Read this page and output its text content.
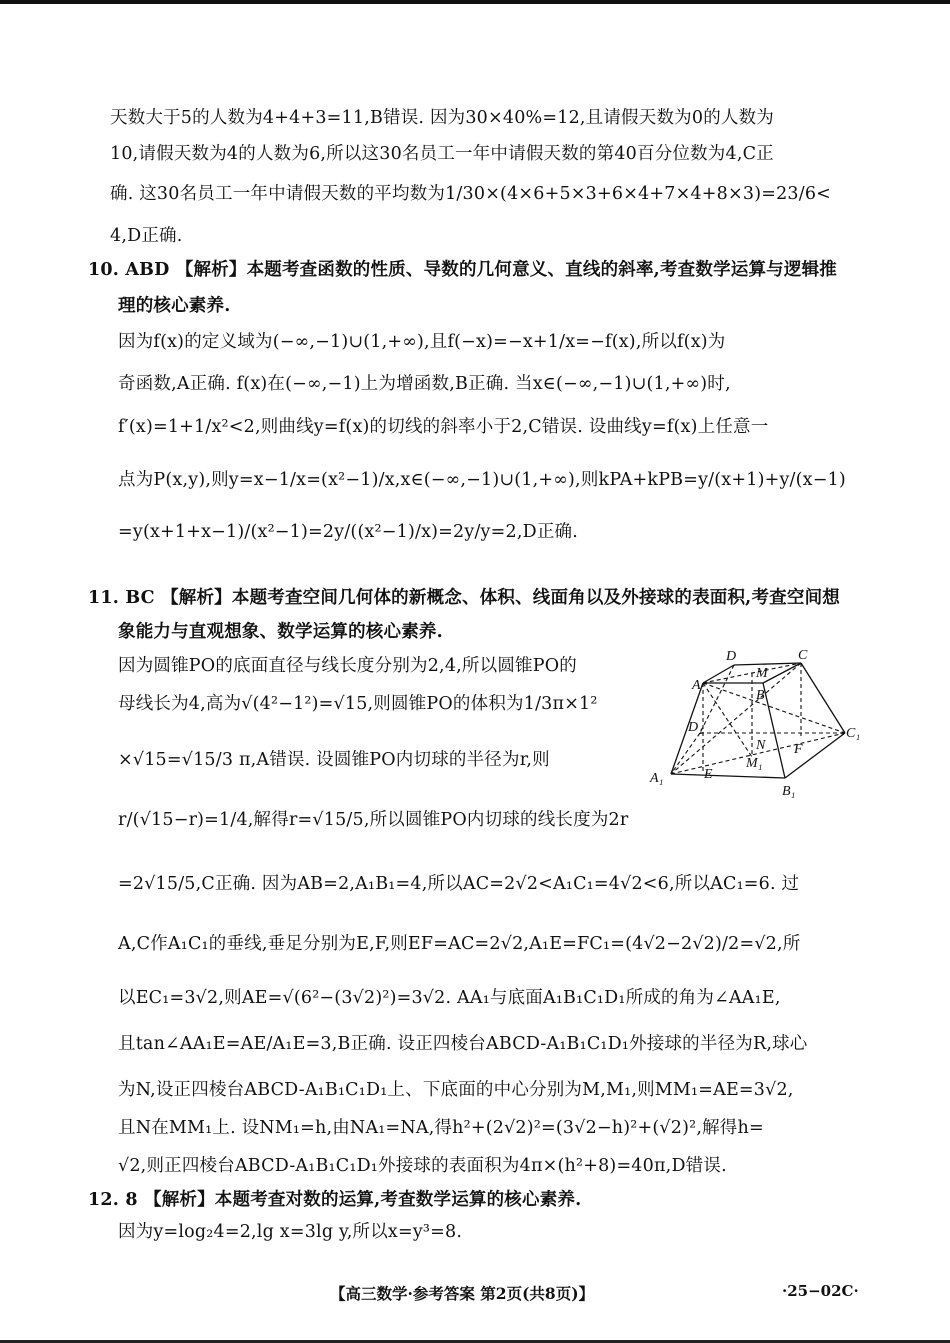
天数大于5的人数为4+4+3=11,B错误. 因为30×40%=12,且请假天数为0的人数为
10,请假天数为4的人数为6,所以这30名员工一年中请假天数的第40百分位数为4,C正
确. 这30名员工一年中请假天数的平均数为1/30×(4×6+5×3+6×4+7×4+8×3)=23/6<
4,D正确.
10. ABD 【解析】本题考查函数的性质、导数的几何意义、直线的斜率,考查数学运算与逻辑推
理的核心素养.
因为f(x)的定义域为(−∞,−1)∪(1,+∞),且f(−x)=−x+1/x=−f(x),所以f(x)为
奇函数,A正确. f(x)在(−∞,−1)上为增函数,B正确. 当x∈(−∞,−1)∪(1,+∞)时,
f′(x)=1+1/x²<2,则曲线y=f(x)的切线的斜率小于2,C错误. 设曲线y=f(x)上任意一
点为P(x,y),则y=x−1/x=(x²−1)/x,x∈(−∞,−1)∪(1,+∞),则kPA+kPB=y/(x+1)+y/(x−1)
=y(x+1+x−1)/(x²−1)=2y/((x²−1)/x)=2y/y=2,D正确.
11. BC 【解析】本题考查空间几何体的新概念、体积、线面角以及外接球的表面积,考查空间想
象能力与直观想象、数学运算的核心素养.
因为圆锥PO的底面直径与线长度分别为2,4,所以圆锥PO的
母线长为4,高为√(4²−1²)=√15,则圆锥PO的体积为1/3π×1²
×√15=√15/3 π,A错误. 设圆锥PO内切球的半径为r,则
r/(√15−r)=1/4,解得r=√15/5,所以圆锥PO内切球的线长度为2r
=2√15/5,C正确. 因为AB=2,A₁B₁=4,所以AC=2√2<A₁C₁=4√2<6,所以AC₁=6. 过
A,C作A₁C₁的垂线,垂足分别为E,F,则EF=AC=2√2,A₁E=FC₁=(4√2−2√2)/2=√2,所
以EC₁=3√2,则AE=√(6²−(3√2)²)=3√2. AA₁与底面A₁B₁C₁D₁所成的角为∠AA₁E,
且tan∠AA₁E=AE/A₁E=3,B正确. 设正四棱台ABCD-A₁B₁C₁D₁外接球的半径为R,球心
为N,设正四棱台ABCD-A₁B₁C₁D₁上、下底面的中心分别为M,M₁,则MM₁=AE=3√2,
且N在MM₁上. 设NM₁=h,由NA₁=NA,得h²+(2√2)²=(3√2−h)²+(√2)²,解得h=
√2,则正四棱台ABCD-A₁B₁C₁D₁外接球的表面积为4π×(h²+8)=40π,D错误.
12. 8 【解析】本题考查对数的运算,考查数学运算的核心素养.
因为y=log₂4=2,lg x=3lg y,所以x=y³=8.
D	C
A
M
B
D₁
N
C₁
F
E
M₁
A₁
B₁
【高三数学·参考答案 第2页(共8页)】	·25−02C·
